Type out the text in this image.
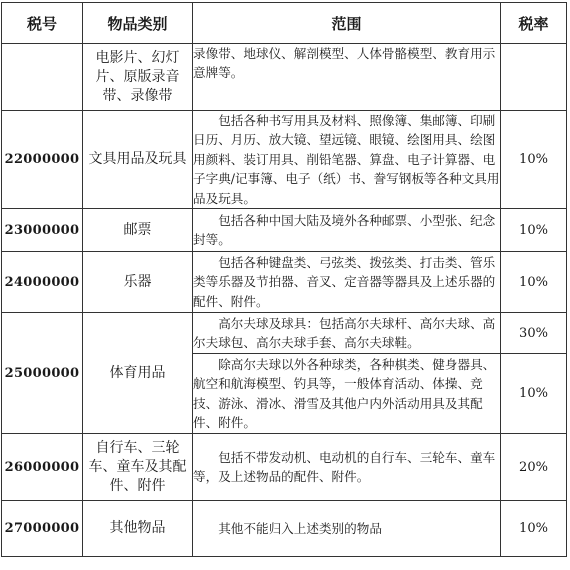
税号	物品类别	范围	税率
	电影片、幻灯片、原版录音带、录像带	录像带、地球仪、解剖模型、人体骨骼模型、教育用示意牌等。	

22000000	文具用品及玩具	包括各种书写用具及材料、照像簿、集邮簿、印刷日历、月历、放大镜、望远镜、眼镜、绘图用具、绘图用颜料、装订用具、削铅笔器、算盘、电子计算器、电子字典/记事簿、电子（纸）书、誊写钢板等各种文具用品及玩具。	10%
23000000	邮票	包括各种中国大陆及境外各种邮票、小型张、纪念封等。	10%
24000000	乐器	包括各种键盘类、弓弦类、拨弦类、打击类、管乐类等乐器及节拍器、音叉、定音器等器具及上述乐器的配件、附件。	10%
25000000	体育用品	高尔夫球及球具：包括高尔夫球杆、高尔夫球、高尔夫球包、高尔夫球手套、高尔夫球鞋。	30%

		除高尔夫球以外各种球类，各种棋类、健身器具、航空和航海模型、钓具等，一般体育活动、体操、竞技、游泳、滑冰、滑雪及其他户内外活动用具及其配件、附件。	10%
26000000	自行车、三轮车、童车及其配件、附件	包括不带发动机、电动机的自行车、三轮车、童车等，及上述物品的配件、附件。	20%
27000000	其他物品	其他不能归入上述类别的物品	10%
